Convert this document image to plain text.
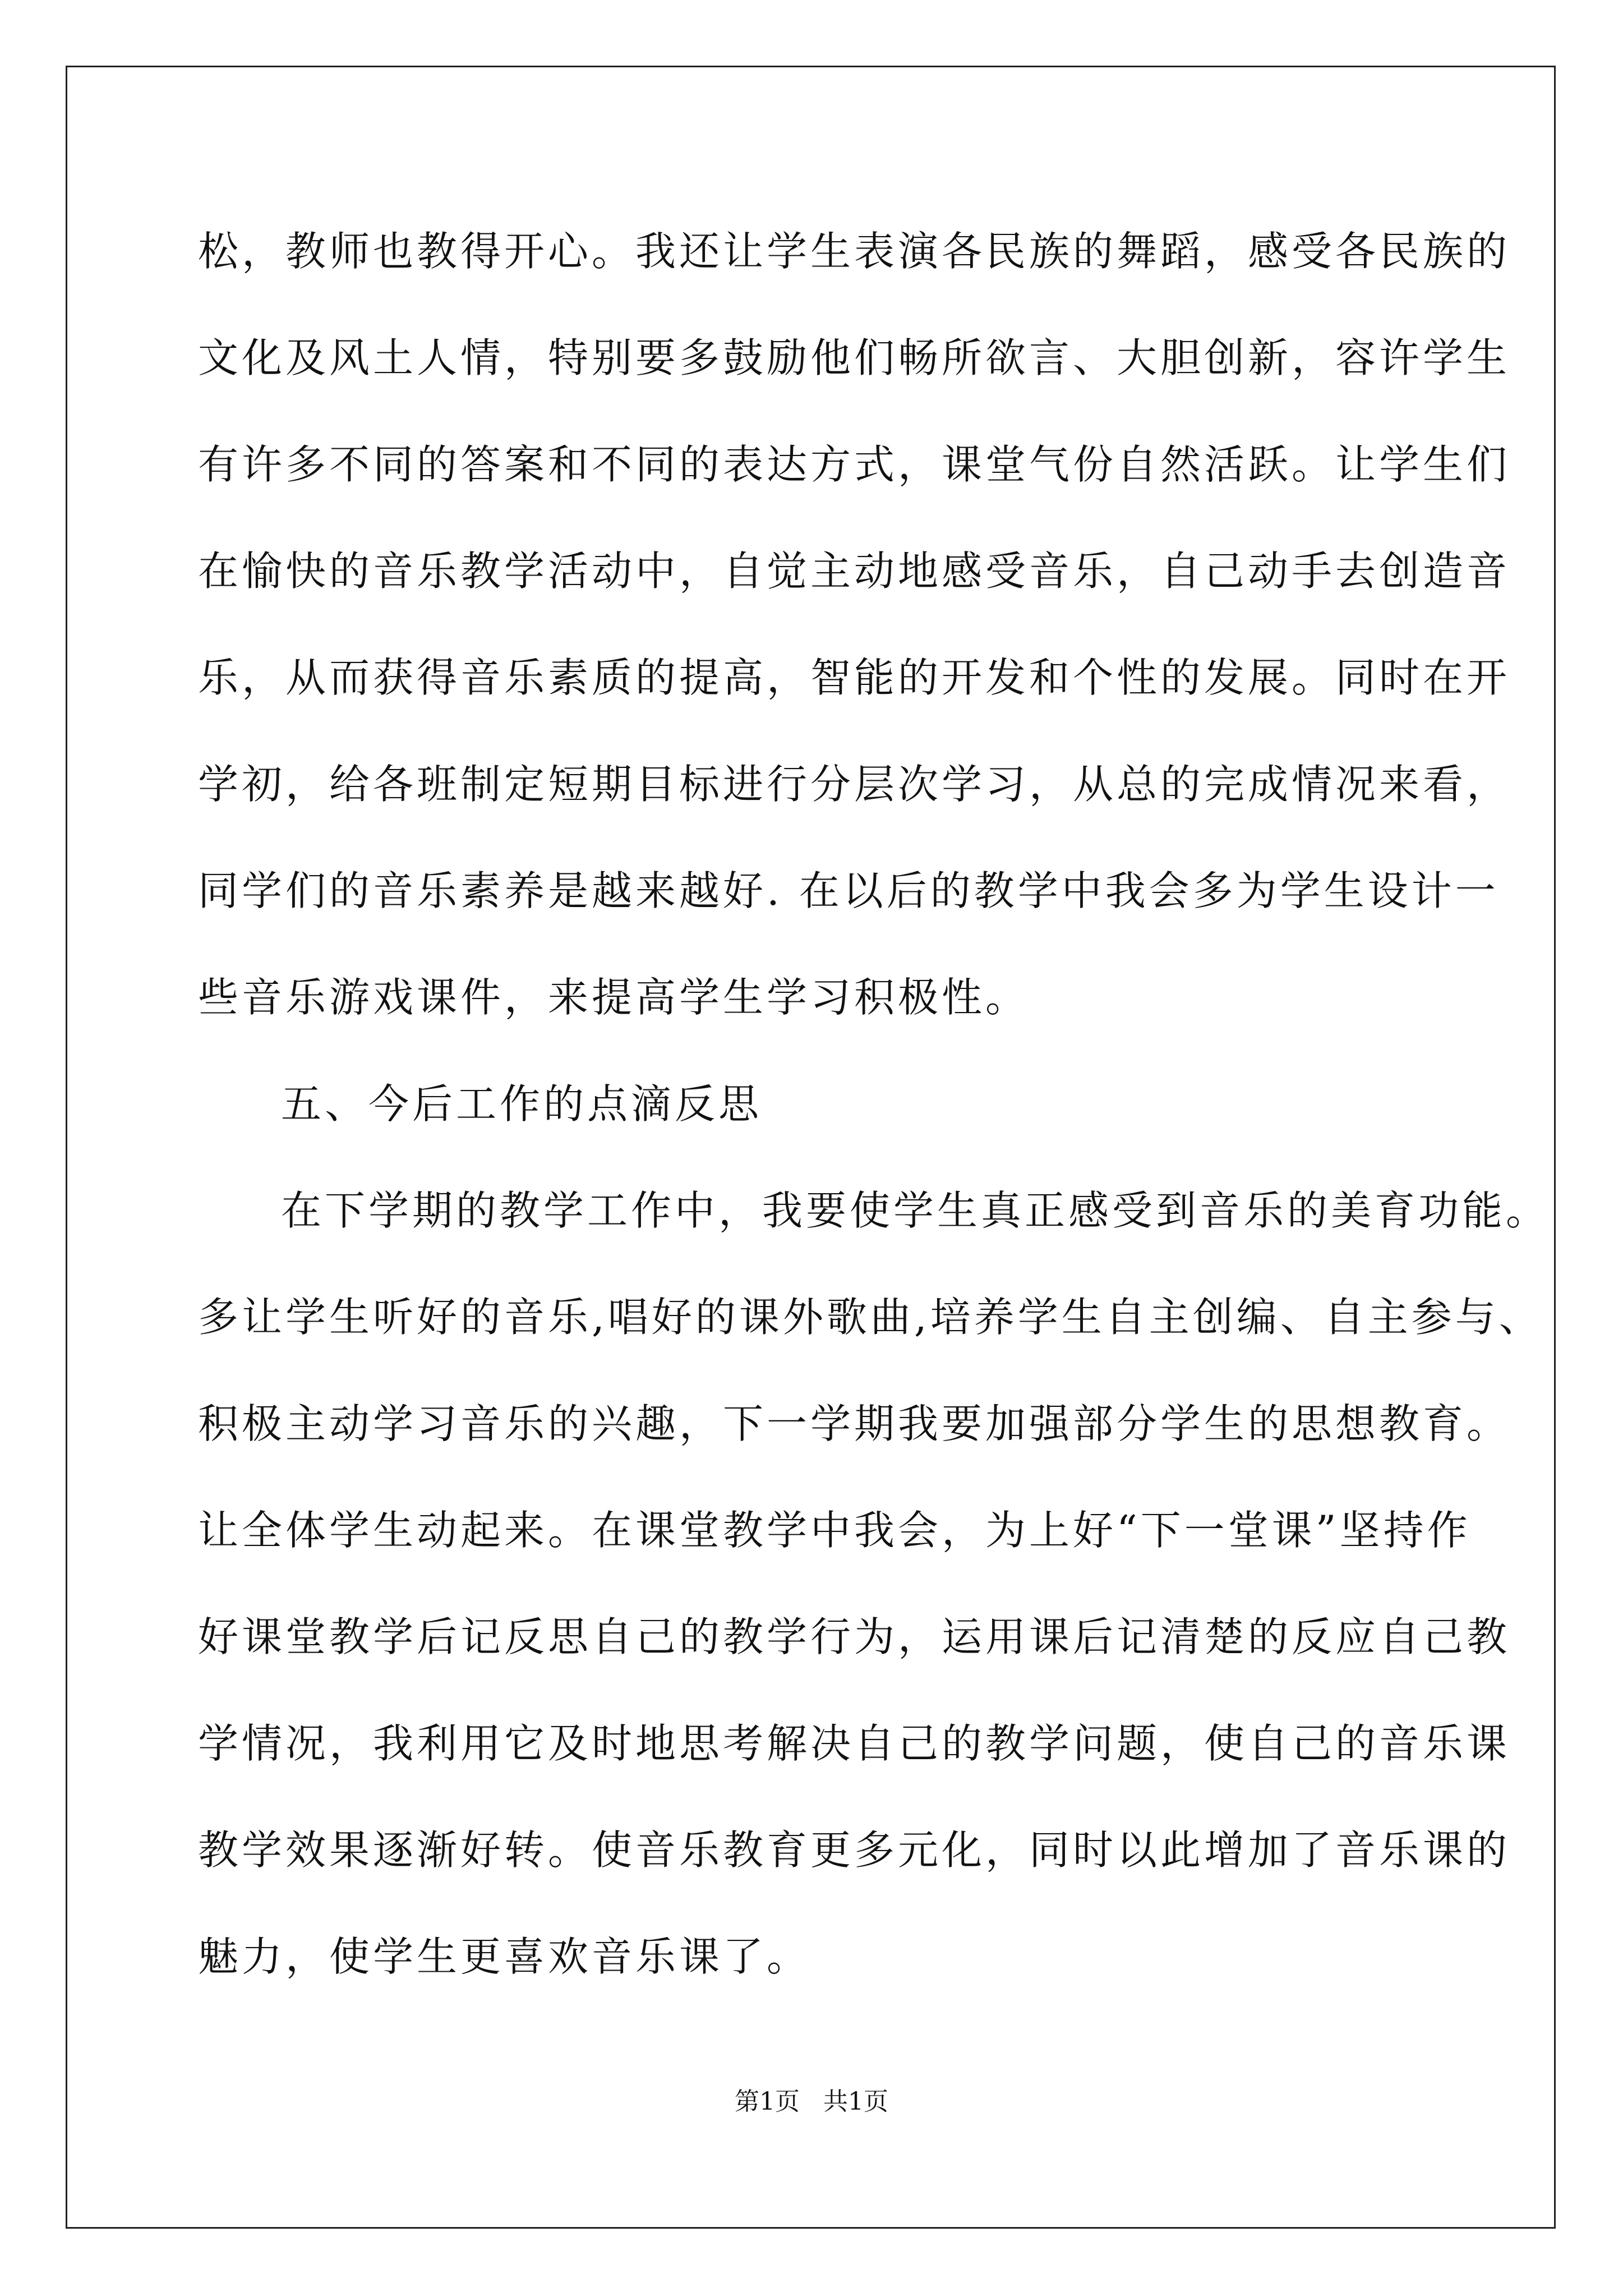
松，教师也教得开心。我还让学生表演各民族的舞蹈，感受各民族的
文化及风土人情，特别要多鼓励他们畅所欲言、大胆创新，容许学生
有许多不同的答案和不同的表达方式，课堂气份自然活跃。让学生们
在愉快的音乐教学活动中，自觉主动地感受音乐，自己动手去创造音
乐，从而获得音乐素质的提高，智能的开发和个性的发展。同时在开
学初，给各班制定短期目标进行分层次学习，从总的完成情况来看，
同学们的音乐素养是越来越好. 在以后的教学中我会多为学生设计一
些音乐游戏课件，来提高学生学习积极性。
五、今后工作的点滴反思
在下学期的教学工作中，我要使学生真正感受到音乐的美育功能。
多让学生听好的音乐,唱好的课外歌曲,培养学生自主创编、自主参与、
积极主动学习音乐的兴趣，下一学期我要加强部分学生的思想教育。
让全体学生动起来。在课堂教学中我会，为上好“下一堂课”坚持作
好课堂教学后记反思自己的教学行为，运用课后记清楚的反应自己教
学情况，我利用它及时地思考解决自己的教学问题，使自己的音乐课
教学效果逐渐好转。使音乐教育更多元化，同时以此增加了音乐课的
魅力，使学生更喜欢音乐课了。
第1页   共1页
